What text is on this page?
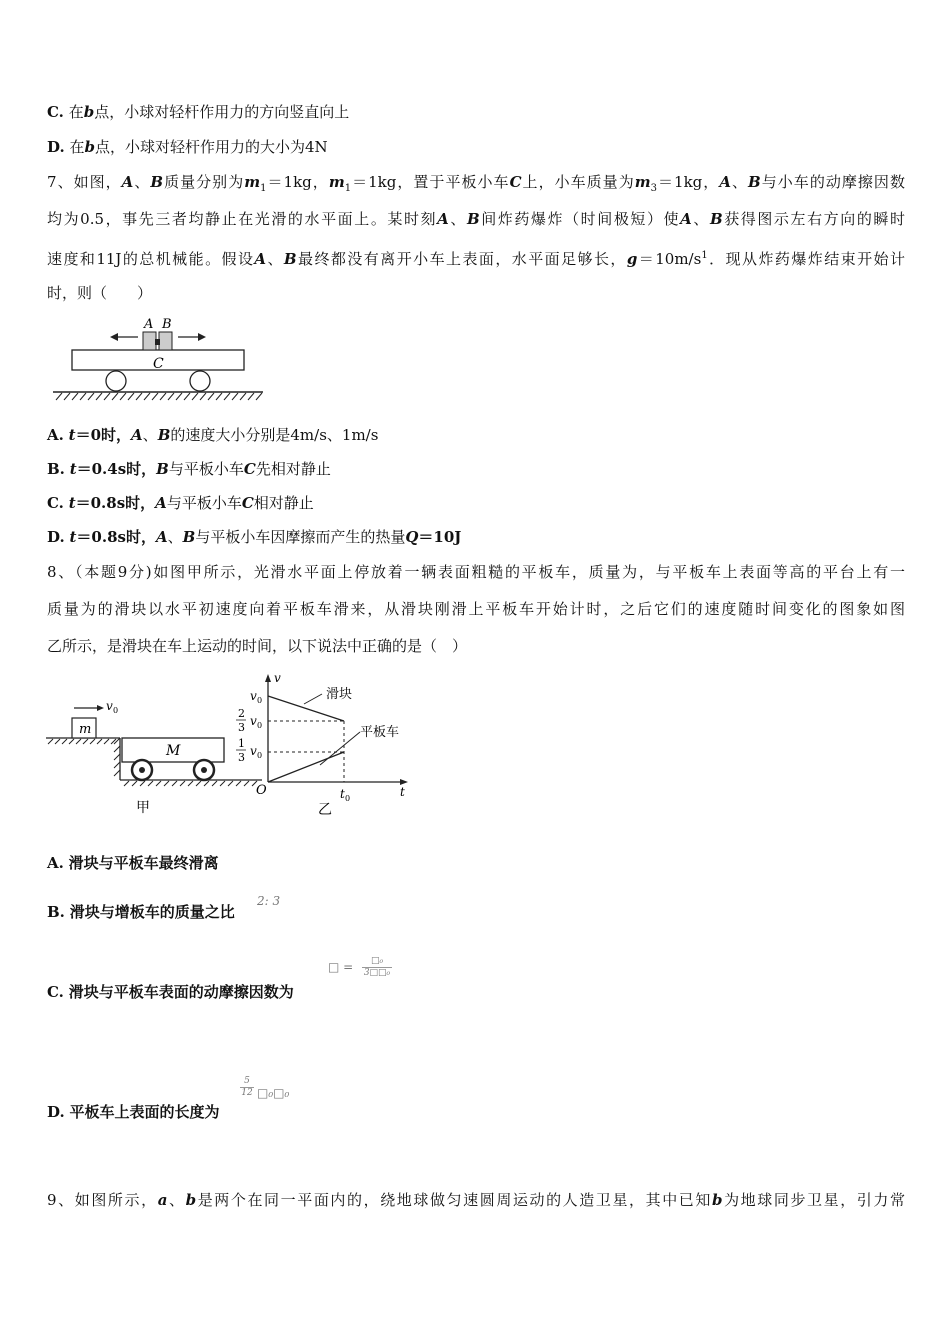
C. 在b点，小球对轻杆作用力的方向竖直向上
D. 在b点，小球对轻杆作用力的大小为4N
7、如图，A、B质量分别为$m_1=1kg$，$m_1=1kg$，置于平板小车C上，小车质量为$m_3=1kg$，A、B与小车的动摩擦因数
均为0.5，事先三者均静止在光滑的水平面上。某时刻A、B间炸药爆炸（时间极短）使A、B获得图示左右方向的瞬时
速度和11J的总机械能。假设A、B最终都没有离开小车上表面，水平面足够长，$g=10m/s^1$．现从炸药爆炸结束开始计
时，则（　　）
A B
C
A. t＝0时，A、B的速度大小分别是4m/s、1m/s
B. t＝0.4s时，B与平板小车C先相对静止
C. t＝0.8s时，A与平板小车C相对静止
D. t＝0.8s时，A、B与平板小车因摩擦而产生的热量Q＝10J
8、（本题9分)如图甲所示，光滑水平面上停放着一辆表面粗糙的平板车，质量为，与平板车上表面等高的平台上有一
质量为的滑块以水平初速度向着平板车滑来，从滑块刚滑上平板车开始计时，之后它们的速度随时间变化的图象如图
乙所示，是滑块在车上运动的时间，以下说法中正确的是（　）
m
v 0
M
甲
v
t
O
v 0
2
3 v 0
1
3 v 0
滑块
平板车
t 0
乙
A. 滑块与平板车最终滑离
B. 滑块与增板车的质量之比
2: 3
□ =	□₀
3□□₀
C. 滑块与平板车表面的动摩擦因数为
$\frac{5}{12}$ □₀□₀
D. 平板车上表面的长度为
9、如图所示，a、b是两个在同一平面内的，绕地球做匀速圆周运动的人造卫星，其中已知b为地球同步卫星，引力常
